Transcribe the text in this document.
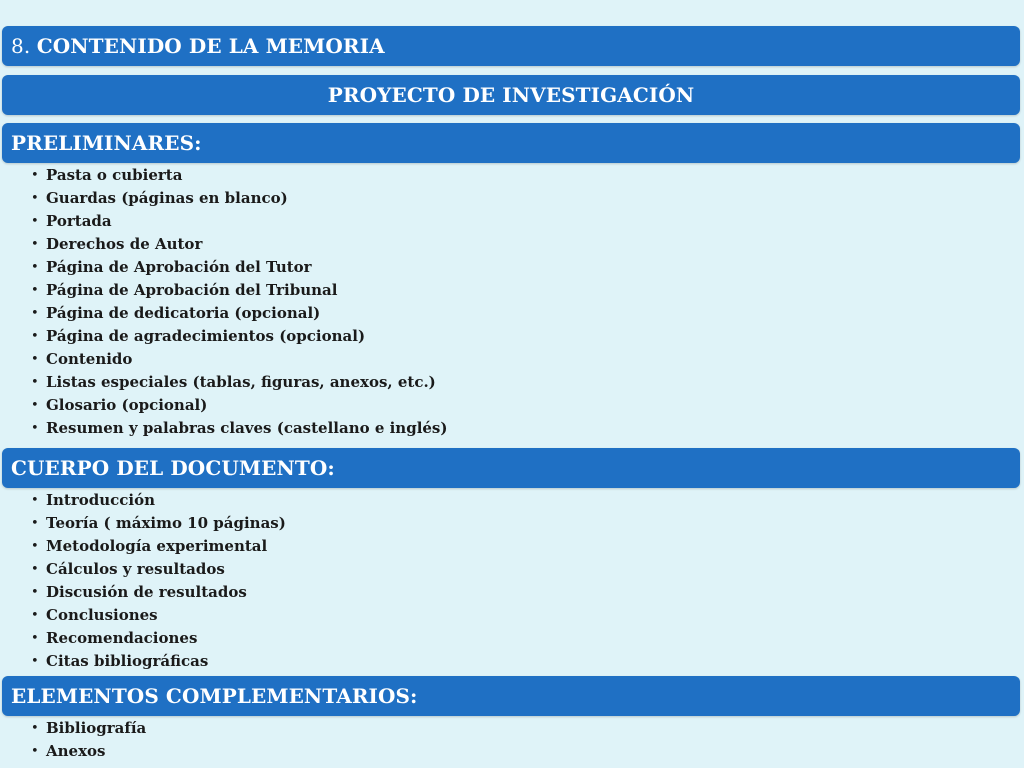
8.
CONTENIDO DE LA MEMORIA
PROYECTO DE INVESTIGACIÓN
PRELIMINARES:
• Pasta o cubierta
• Guardas (páginas en blanco)
• Portada
• Derechos de Autor
• Página de Aprobación del Tutor
• Página de Aprobación del Tribunal
• Página de dedicatoria (opcional)
• Página de agradecimientos (opcional)
• Contenido
• Listas especiales (tablas, figuras, anexos, etc.)
• Glosario (opcional)
• Resumen y palabras claves (castellano e inglés)
CUERPO DEL DOCUMENTO:
• Introducción
• Teoría ( máximo 10 páginas)
• Metodología experimental
• Cálculos y resultados
• Discusión de resultados
• Conclusiones
• Recomendaciones
• Citas bibliográficas
ELEMENTOS COMPLEMENTARIOS:
• Bibliografía
• Anexos
